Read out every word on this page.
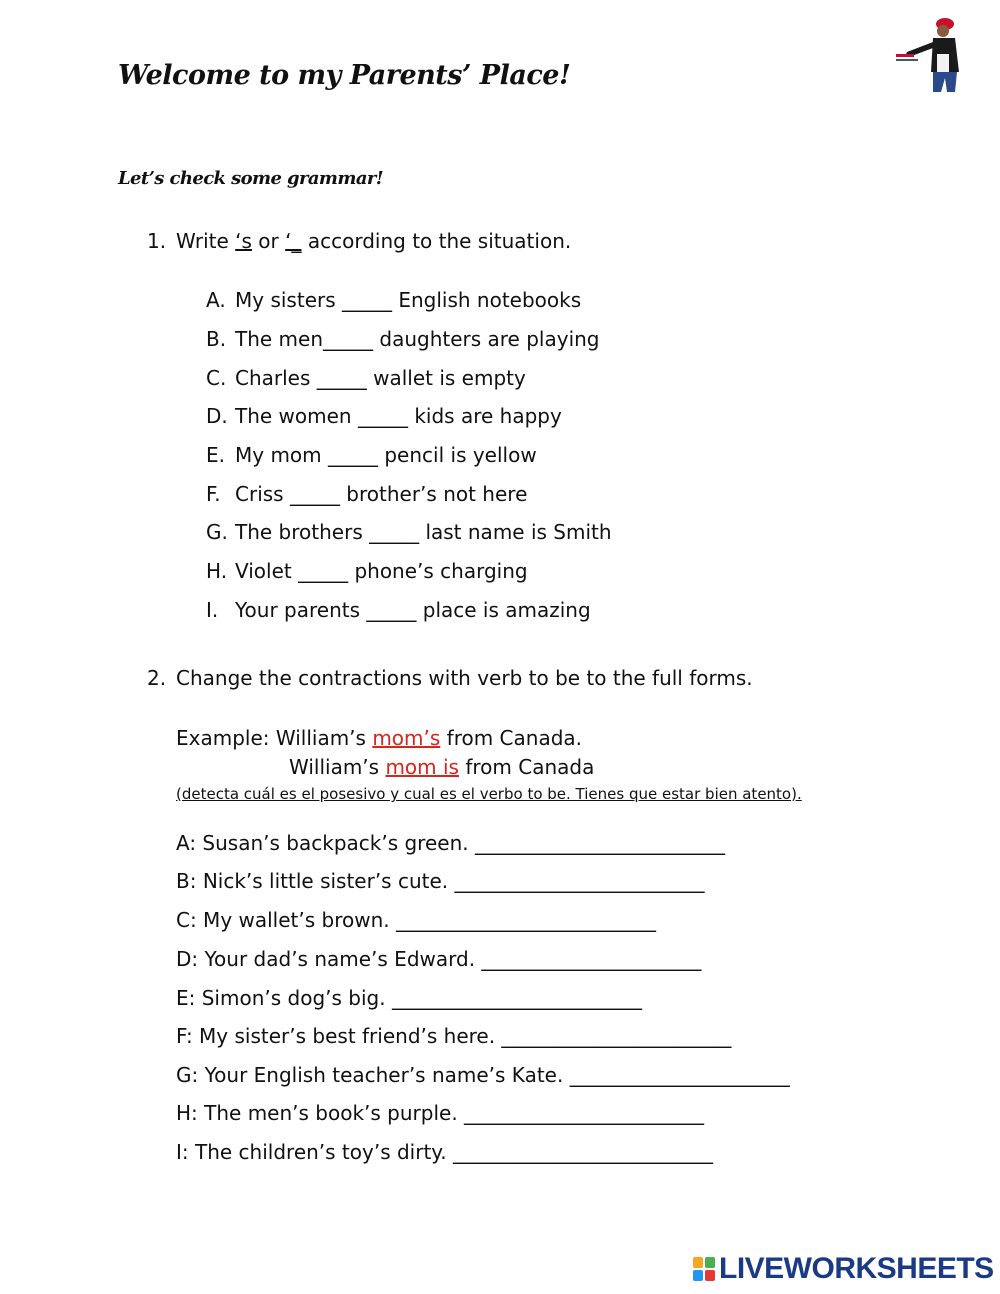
Welcome to my Parents’ Place!
Let’s check some grammar!
1. Write ‘s or ‘_ according to the situation.
A. My sisters _____ English notebooks
B. The men_____ daughters are playing
C. Charles _____ wallet is empty
D. The women _____ kids are happy
E. My mom _____ pencil is yellow
F. Criss _____ brother’s not here
G. The brothers _____ last name is Smith
H. Violet _____ phone’s charging
I. Your parents _____ place is amazing
2. Change the contractions with verb to be to the full forms.
Example: William’s mom’s from Canada.
William’s mom is from Canada
(detecta cuál es el posesivo y cual es el verbo to be. Tienes que estar bien atento).
A: Susan’s backpack’s green. _________________________
B: Nick’s little sister’s cute. _________________________
C: My wallet’s brown. __________________________
D: Your dad’s name’s Edward. ______________________
E: Simon’s dog’s big. _________________________
F: My sister’s best friend’s here. _______________________
G: Your English teacher’s name’s Kate. ______________________
H: The men’s book’s purple. ________________________
I: The children’s toy’s dirty. __________________________
LIVEWORKSHEETS
